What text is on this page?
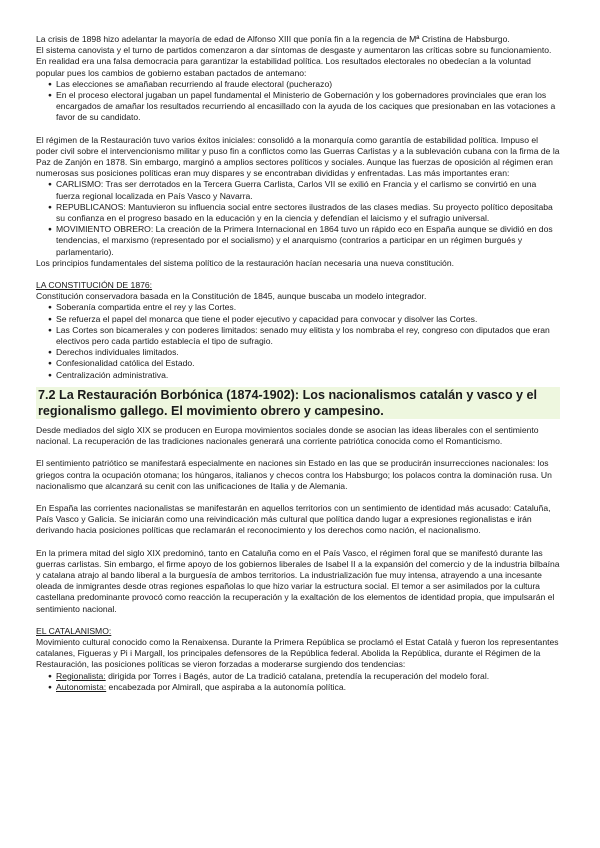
La crisis de 1898 hizo adelantar la mayoría de edad de Alfonso XIII que ponía fin a la regencia de Mª Cristina de Habsburgo.

El sistema canovista y el turno de partidos comenzaron a dar síntomas de desgaste y aumentaron las críticas sobre su funcionamiento. En realidad era una falsa democracia para garantizar la estabilidad política. Los resultados electorales no obedecían a la voluntad popular pues los cambios de gobierno estaban pactados de antemano:

● Las elecciones se amañaban recurriendo al fraude electoral (pucherazo)
● En el proceso electoral jugaban un papel fundamental el Ministerio de Gobernación y los gobernadores provinciales que eran los encargados de amañar los resultados recurriendo al encasillado con la ayuda de los caciques que presionaban en las votaciones a favor de su candidato.

El régimen de la Restauración tuvo varios éxitos iniciales: consolidó a la monarquía como garantía de estabilidad política. Impuso el poder civil sobre el intervencionismo militar y puso fin a conflictos como las Guerras Carlistas y a la sublevación cubana con la firma de la Paz de Zanjón en 1878. Sin embargo, marginó a amplios sectores políticos y sociales. Aunque las fuerzas de oposición al régimen eran numerosas sus posiciones políticas eran muy dispares y se encontraban divididas y enfrentadas. Las más importantes eran:

● CARLISMO: Tras ser derrotados en la Tercera Guerra Carlista, Carlos VII se exilió en Francia y el carlismo se convirtió en una fuerza regional localizada en País Vasco y Navarra.
● REPUBLICANOS: Mantuvieron su influencia social entre sectores ilustrados de las clases medias. Su proyecto político depositaba su confianza en el progreso basado en la educación y en la ciencia y defendían el laicismo y el sufragio universal.
● MOVIMIENTO OBRERO: La creación de la Primera Internacional en 1864 tuvo un rápido eco en España aunque se dividió en dos tendencias, el marxismo (representado por el socialismo) y el anarquismo (contrarios a participar en un régimen burgués y parlamentario).

Los principios fundamentales del sistema político de la restauración hacían necesaria una nueva constitución.

LA CONSTITUCIÓN DE 1876:

Constitución conservadora basada en la Constitución de 1845, aunque buscaba un modelo integrador.

● Soberanía compartida entre el rey y las Cortes.
● Se refuerza el papel del monarca que tiene el poder ejecutivo y capacidad para convocar y disolver las Cortes.
● Las Cortes son bicamerales y con poderes limitados: senado muy elitista y los nombraba el rey, congreso con diputados que eran electivos pero cada partido establecía el tipo de sufragio.
● Derechos individuales limitados.
● Confesionalidad católica del Estado.
● Centralización administrativa.
7.2 La Restauración Borbónica (1874-1902): Los nacionalismos catalán y vasco y el regionalismo gallego. El movimiento obrero y campesino.

Desde mediados del siglo XIX se producen en Europa movimientos sociales donde se asocian las ideas liberales con el sentimiento nacional. La recuperación de las tradiciones nacionales generará una corriente patriótica conocida como el Romanticismo.

El sentimiento patriótico se manifestará especialmente en naciones sin Estado en las que se producirán insurrecciones nacionales: los griegos contra la ocupación otomana; los húngaros, italianos y checos contra los Habsburgo; los polacos contra la dominación rusa. Un nacionalismo que alcanzará su cenit con las unificaciones de Italia y de Alemania.

En España las corrientes nacionalistas se manifestarán en aquellos territorios con un sentimiento de identidad más acusado: Cataluña, País Vasco y Galicia. Se iniciarán como una reivindicación más cultural que política dando lugar a expresiones regionalistas e irán derivando hacia posiciones políticas que reclamarán el reconocimiento y los derechos como nación, el nacionalismo.

En la primera mitad del siglo XIX predominó, tanto en Cataluña como en el País Vasco, el régimen foral que se manifestó durante las guerras carlistas. Sin embargo, el firme apoyo de los gobiernos liberales de Isabel II a la expansión del comercio y de la industria bilbaína y catalana atrajo al bando liberal a la burguesía de ambos territorios. La industrialización fue muy intensa, atrayendo a una incesante oleada de inmigrantes desde otras regiones españolas lo que hizo variar la estructura social. El temor a ser asimilados por la cultura castellana predominante provocó como reacción la recuperación y la exaltación de los elementos de identidad propia, que impulsarán el sentimiento nacional.

EL CATALANISMO:

Movimiento cultural conocido como la Renaixensa. Durante la Primera República se proclamó el Estat Català y fueron los representantes catalanes, Figueras y Pi i Margall, los principales defensores de la República federal. Abolida la República, durante el Régimen de la Restauración, las posiciones políticas se vieron forzadas a moderarse surgiendo dos tendencias:

● Regionalista: dirigida por Torres i Bagés, autor de La tradició catalana, pretendía la recuperación del modelo foral.
● Autonomista: encabezada por Almirall, que aspiraba a la autonomía política.
